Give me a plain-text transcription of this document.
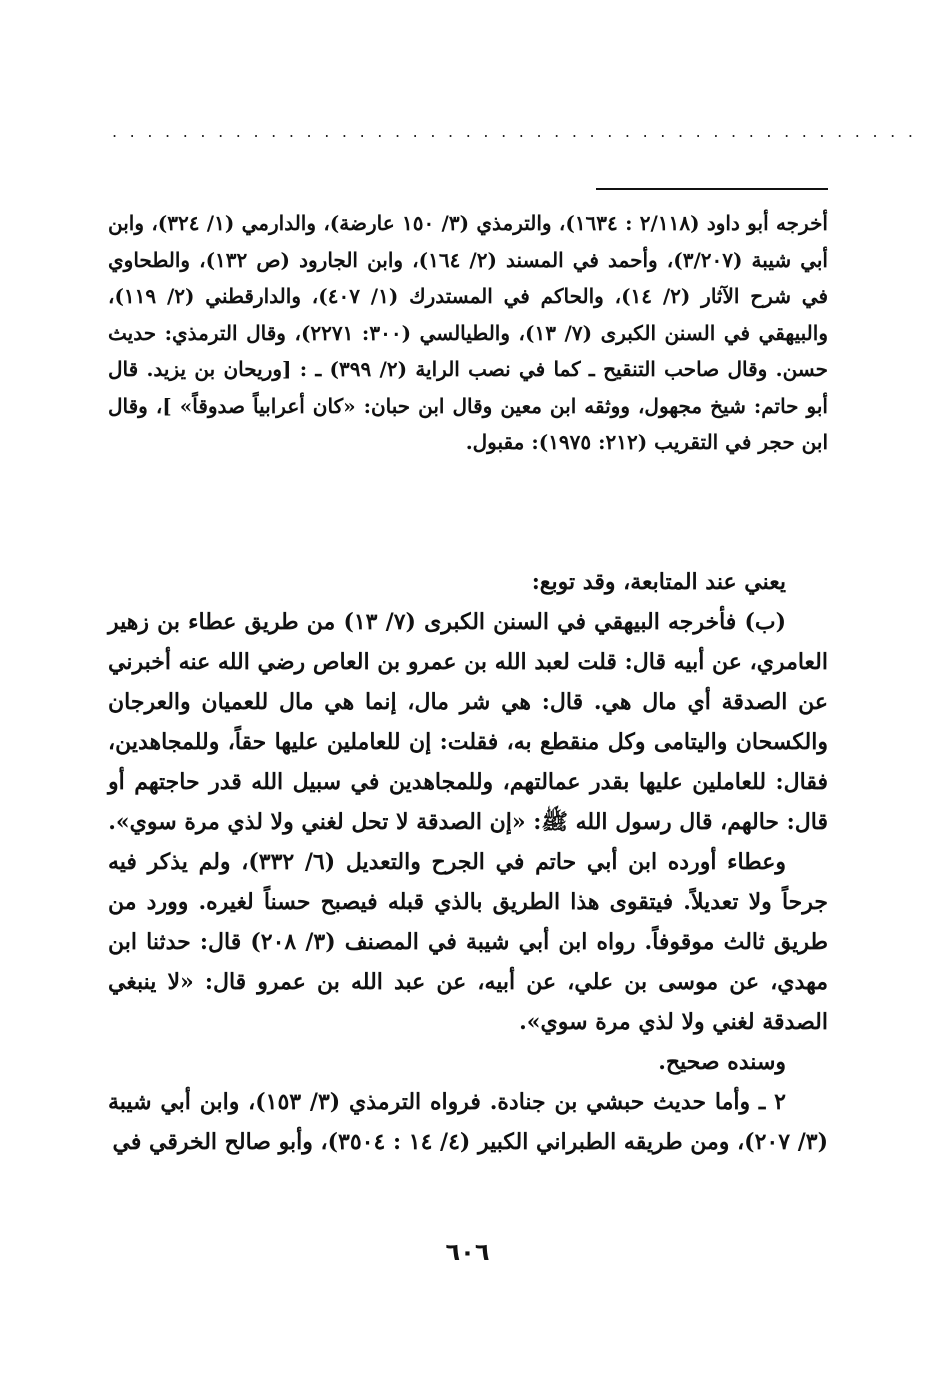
..............................................

أخرجه أبو داود (٢/١١٨ : ١٦٣٤)، والترمذي (٣/ ١٥٠ عارضة)، والدارمي (١/ ٣٢٤)، وابن أبي شيبة (٣/٢٠٧)، وأحمد في المسند (٢/ ١٦٤)، وابن الجارود (ص ١٣٢)، والطحاوي في شرح الآثار (٢/ ١٤)، والحاكم في المستدرك (١/ ٤٠٧)، والدارقطني (٢/ ١١٩)، والبيهقي في السنن الكبرى (٧/ ١٣)، والطيالسي (٣٠٠: ٢٢٧١)، وقال الترمذي: حديث حسن. وقال صاحب التنقيح ـ كما في نصب الراية (٢/ ٣٩٩) ـ : [وريحان بن يزيد. قال أبو حاتم: شيخ مجهول، ووثقه ابن معين وقال ابن حبان: «كان أعرابياً صدوقاً» ]، وقال ابن حجر في التقريب (٢١٢: ١٩٧٥): مقبول.

يعني عند المتابعة، وقد توبع:

(ب) فأخرجه البيهقي في السنن الكبرى (٧/ ١٣) من طريق عطاء بن زهير العامري، عن أبيه قال: قلت لعبد الله بن عمرو بن العاص رضي الله عنه أخبرني عن الصدقة أي مال هي. قال: هي شر مال، إنما هي مال للعميان والعرجان والكسحان واليتامى وكل منقطع به، فقلت: إن للعاملين عليها حقاً، وللمجاهدين، فقال: للعاملين عليها بقدر عمالتهم، وللمجاهدين في سبيل الله قدر حاجتهم أو قال: حالهم، قال رسول الله ﷺ: «إن الصدقة لا تحل لغني ولا لذي مرة سوي».

وعطاء أورده ابن أبي حاتم في الجرح والتعديل (٦/ ٣٣٢)، ولم يذكر فيه جرحاً ولا تعديلاً. فيتقوى هذا الطريق بالذي قبله فيصبح حسناً لغيره. وورد من طريق ثالث موقوفاً. رواه ابن أبي شيبة في المصنف (٣/ ٢٠٨) قال: حدثنا ابن مهدي، عن موسى بن علي، عن أبيه، عن عبد الله بن عمرو قال: «لا ينبغي الصدقة لغني ولا لذي مرة سوي».

وسنده صحيح.

٢ ـ وأما حديث حبشي بن جنادة. فرواه الترمذي (٣/ ١٥٣)، وابن أبي شيبة (٣/ ٢٠٧)، ومن طريقه الطبراني الكبير (٤/ ١٤ : ٣٥٠٤)، وأبو صالح الخرقي في

٦٠٦
